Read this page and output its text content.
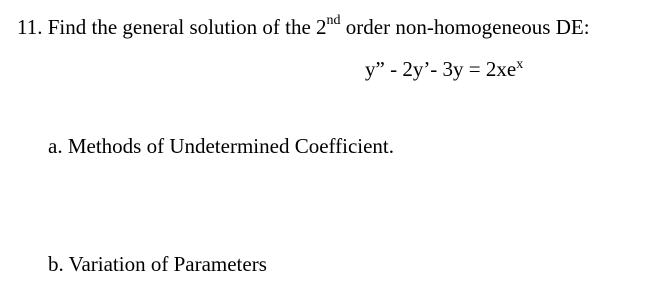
11. Find the general solution of the 2nd order non-homogeneous DE:
y” - 2y’- $3y = 2xe^x$
a. Methods of Undetermined Coefficient.
b. Variation of Parameters
